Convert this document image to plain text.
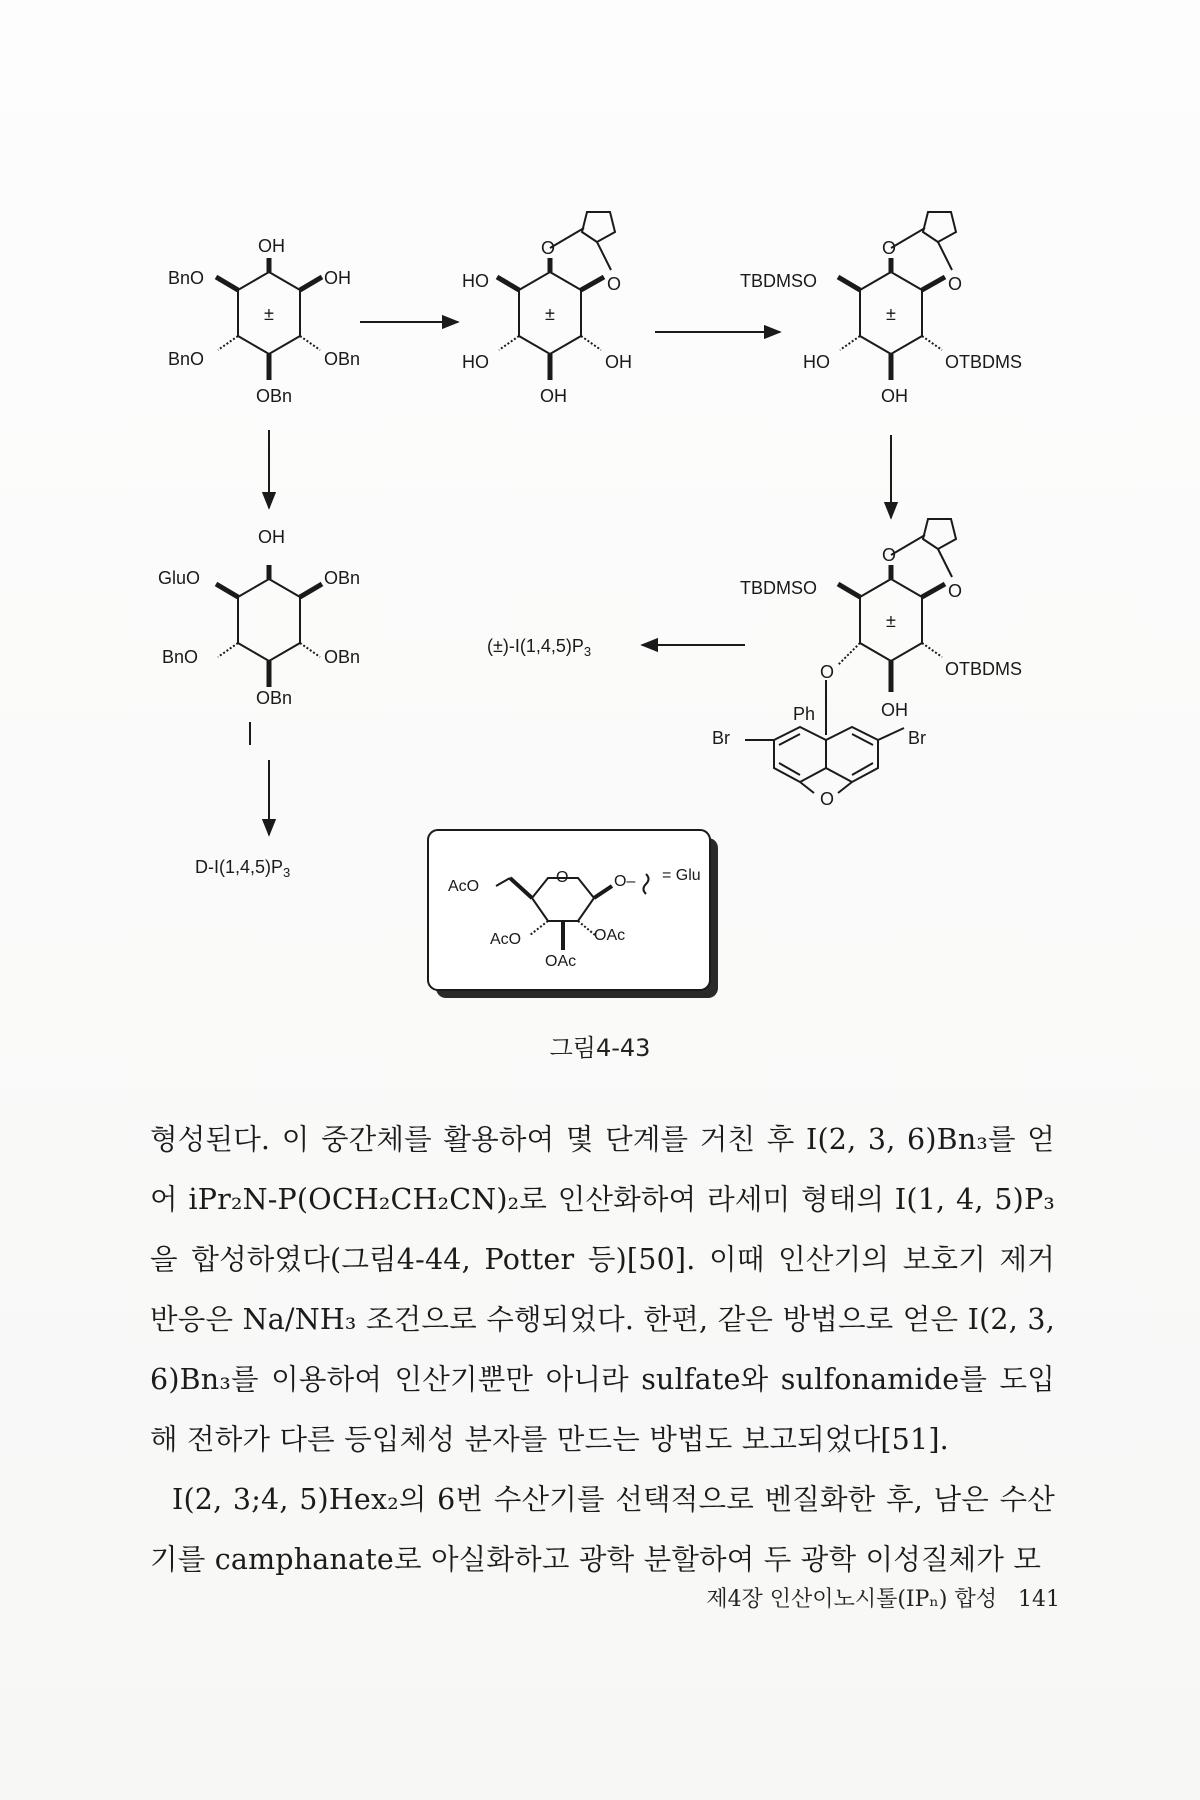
OH
BnO	OH
BnO	OBn
OBn
±
O
O
HO
HO	OH
OH
±
O
O
TBDMSO
HO	OTBDMS
OH
±
OH
GluO	OBn
BnO	OBn
OBn
O
O
TBDMSO
O	OTBDMS
OH
±
Ph
Br	Br
O
$(\pm)-I(1,4,5)P_3$
$D-I(1,4,5)P_3$
AcO
O	O– = Glu
AcO	OAc
OAc
그림4-43

형성된다. 이 중간체를 활용하여 몇 단계를 거친 후 I(2, 3, 6)Bn₃를 얻어 iPr₂N-P(OCH₂CH₂CN)₂로 인산화하여 라세미 형태의 I(1, 4, 5)P₃을 합성하였다(그림4-44, Potter 등)[50]. 이때 인산기의 보호기 제거 반응은 Na/NH₃ 조건으로 수행되었다. 한편, 같은 방법으로 얻은 I(2, 3, 6)Bn₃를 이용하여 인산기뿐만 아니라 sulfate와 sulfonamide를 도입해 전하가 다른 등입체성 분자를 만드는 방법도 보고되었다[51].

I(2, 3;4, 5)Hex₂의 6번 수산기를 선택적으로 벤질화한 후, 남은 수산기를 camphanate로 아실화하고 광학 분할하여 두 광학 이성질체가 모

제4장 인산이노시톨(IPₙ) 합성 141
